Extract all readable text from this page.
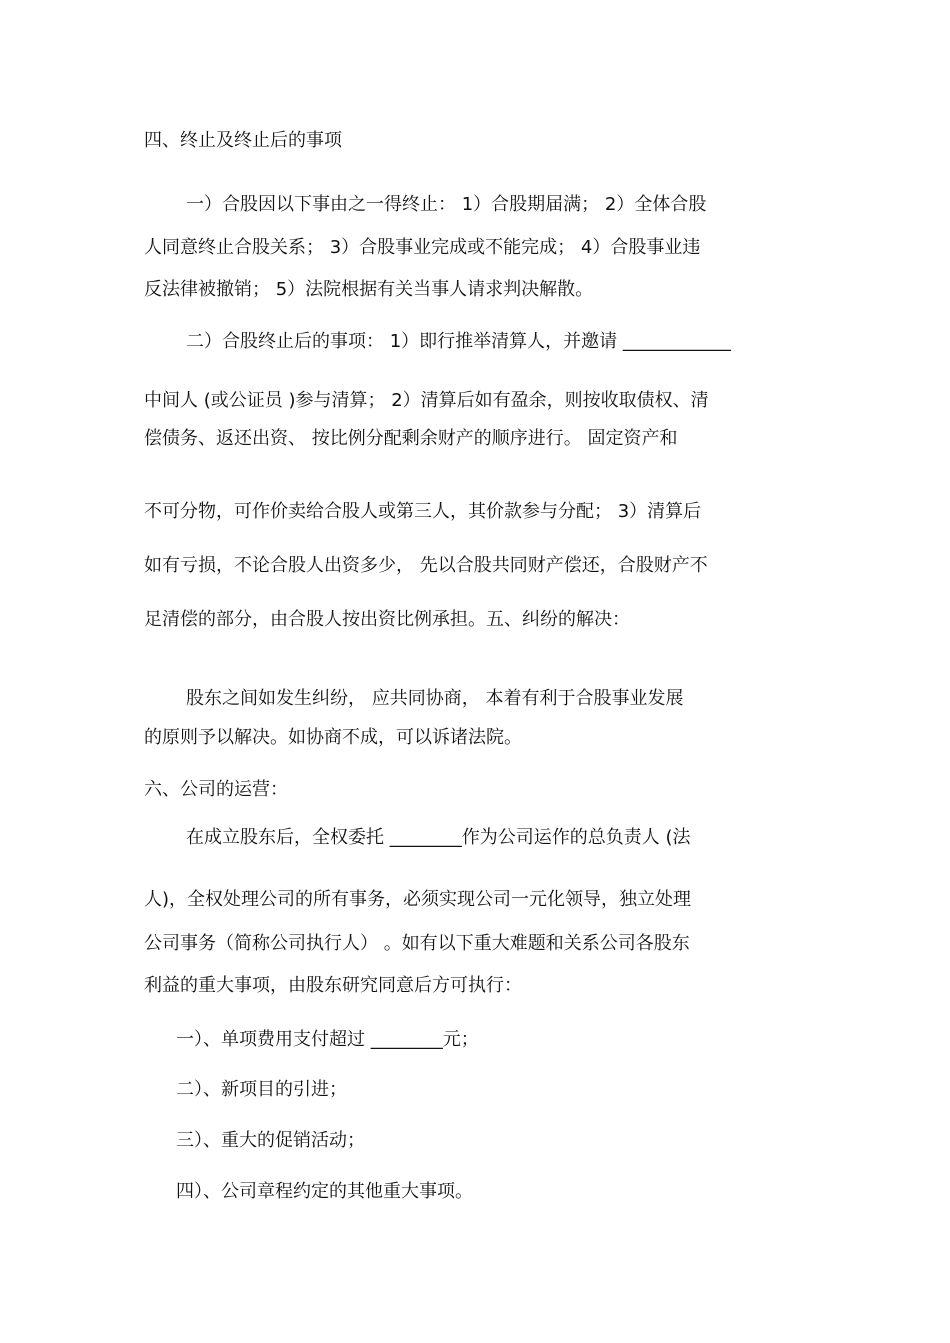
四、终止及终止后的事项

一）合股因以下事由之一得终止： 1）合股期届满； 2）全体合股

人同意终止合股关系； 3）合股事业完成或不能完成； 4）合股事业违

反法律被撤销； 5）法院根据有关当事人请求判决解散。

二）合股终止后的事项： 1）即行推举清算人，并邀请 ____________

中间人 (或公证员 )参与清算； 2）清算后如有盈余，则按收取债权、清

偿债务、返还出资、 按比例分配剩余财产的顺序进行。 固定资产和

不可分物，可作价卖给合股人或第三人，其价款参与分配； 3）清算后

如有亏损，不论合股人出资多少， 先以合股共同财产偿还，合股财产不

足清偿的部分，由合股人按出资比例承担。五、纠纷的解决：

股东之间如发生纠纷， 应共同协商， 本着有利于合股事业发展

的原则予以解决。如协商不成，可以诉诸法院。

六、公司的运营：

在成立股东后，全权委托 ________作为公司运作的总负责人 (法

人)，全权处理公司的所有事务，必须实现公司一元化领导，独立处理

公司事务（简称公司执行人） 。如有以下重大难题和关系公司各股东

利益的重大事项，由股东研究同意后方可执行：

一）、单项费用支付超过 ________元；

二）、新项目的引进；

三）、重大的促销活动；

四）、公司章程约定的其他重大事项。
